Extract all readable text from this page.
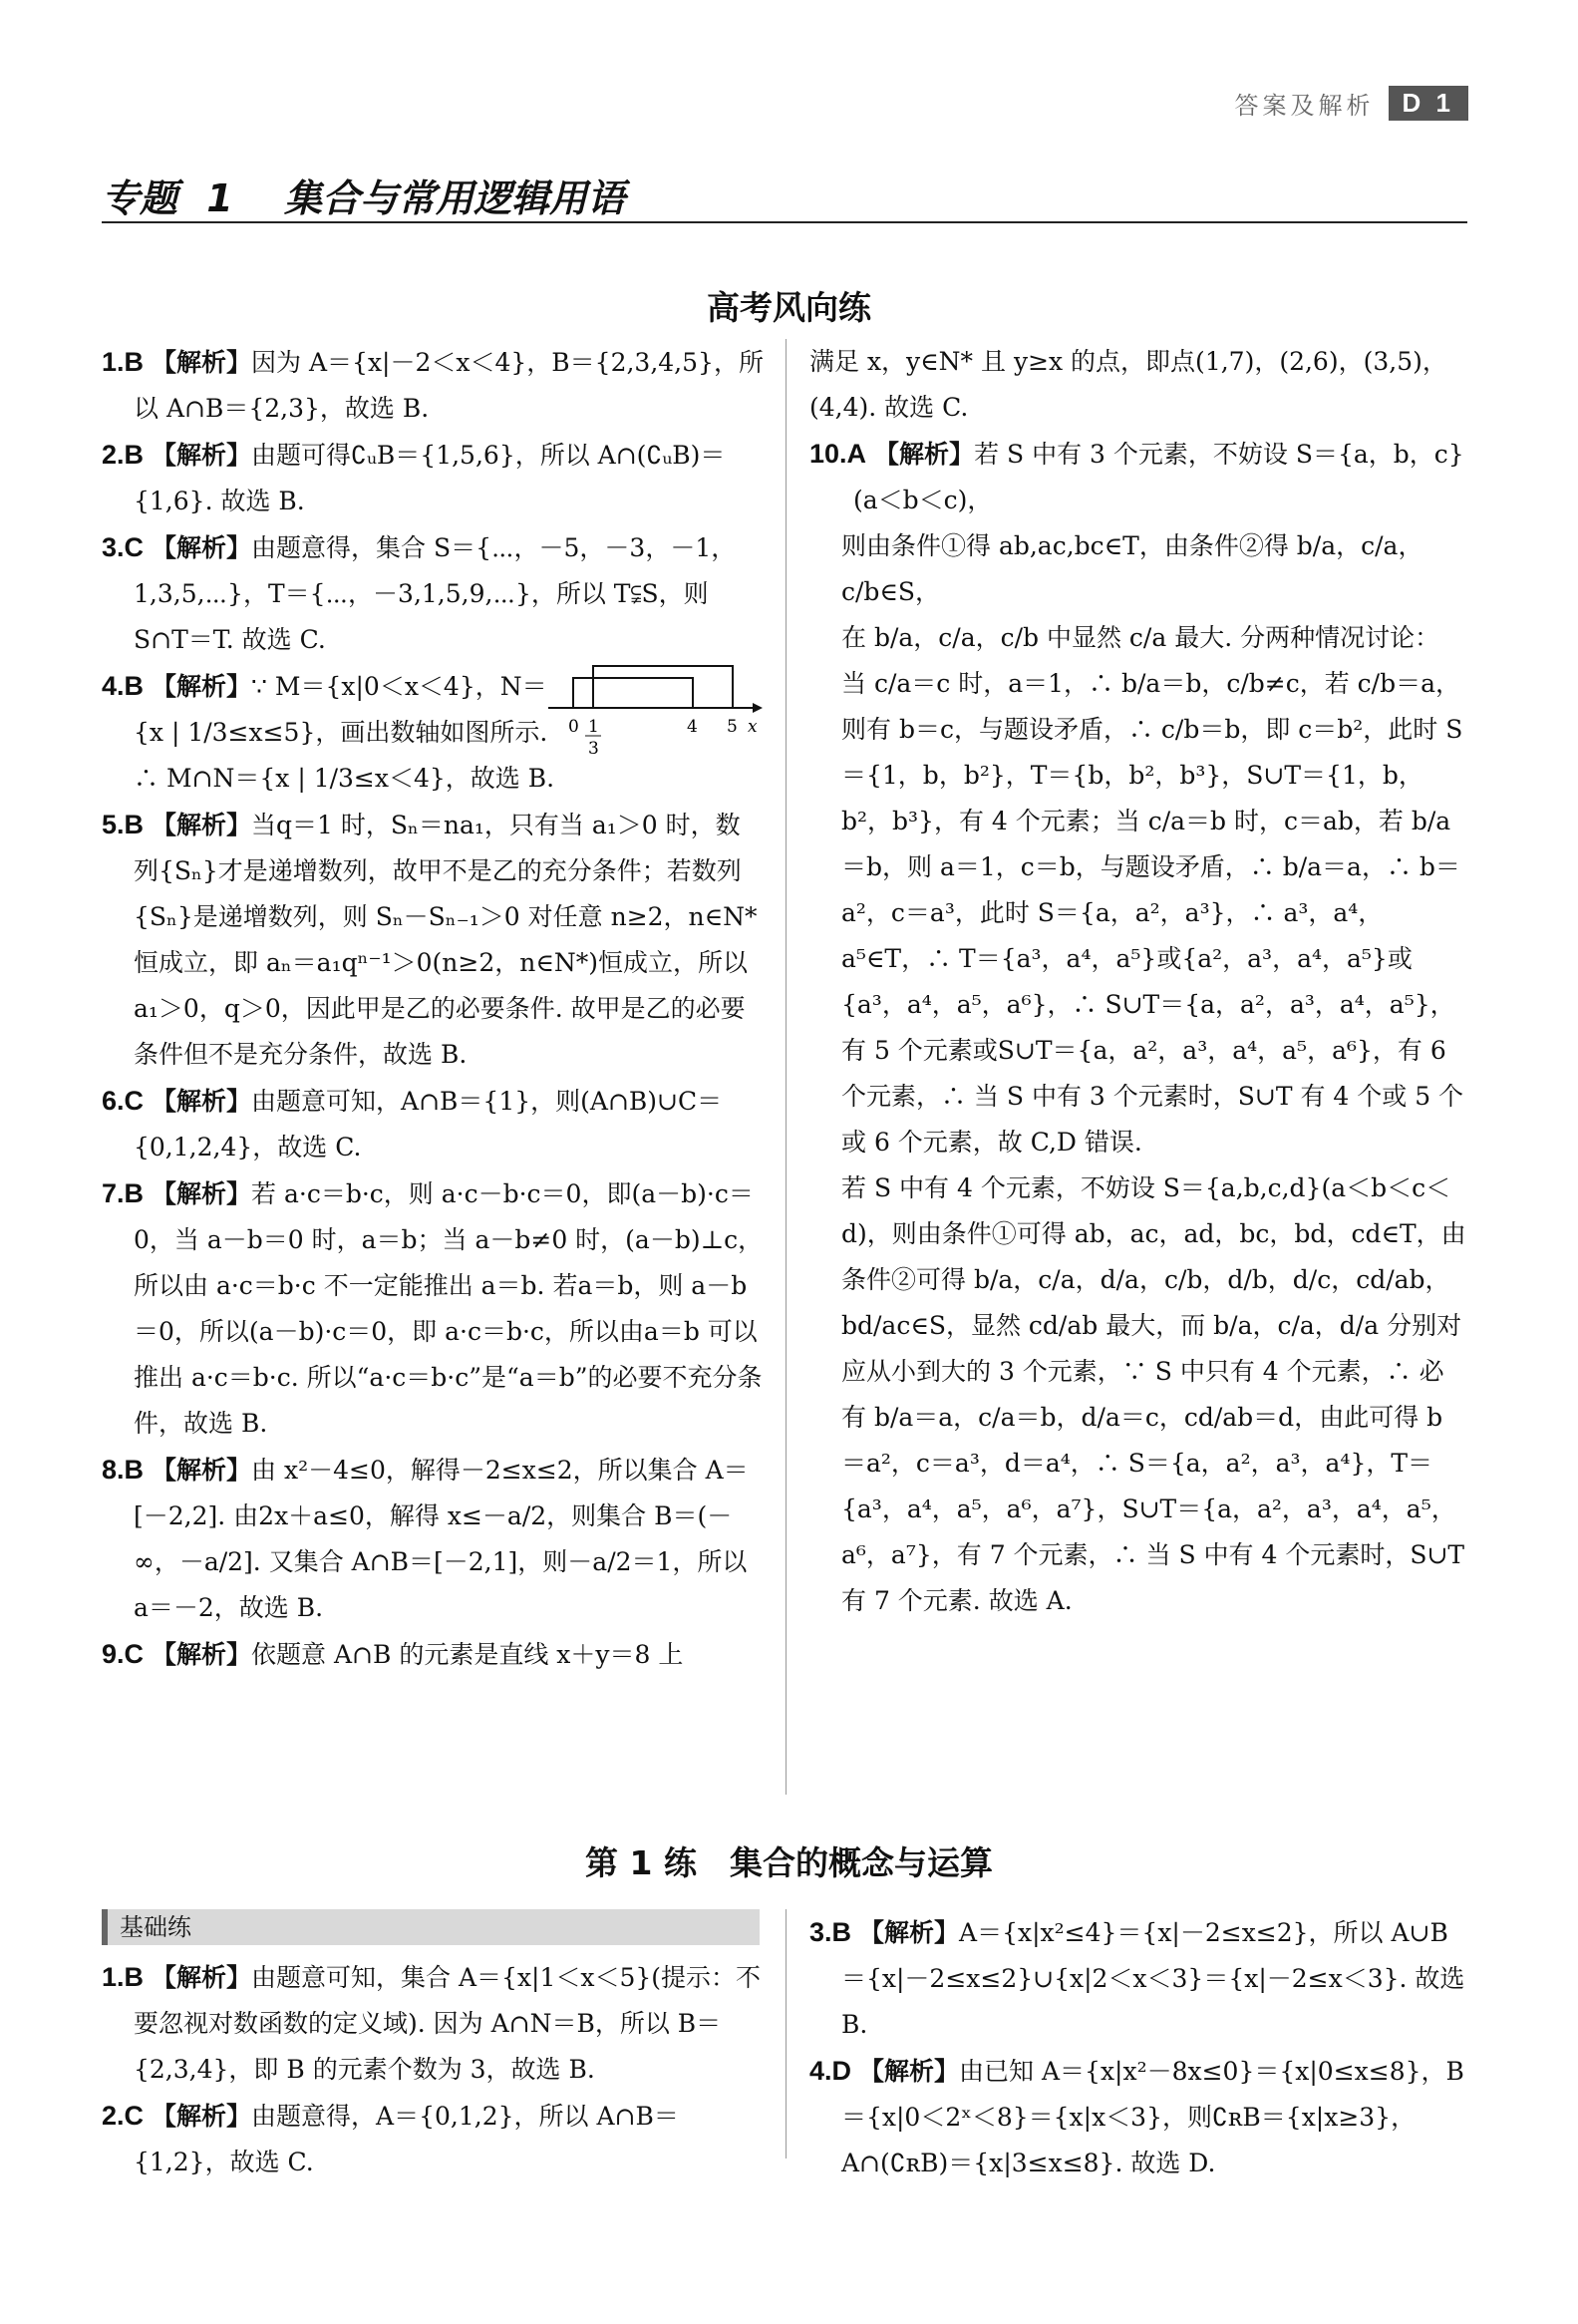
答案及解析	D 1
专题 1 集合与常用逻辑用语
高考风向练

1.B 【解析】因为 A＝{x|－2＜x＜4}，B＝{2,3,4,5}，所以 A∩B＝{2,3}，故选 B.

2.B 【解析】由题可得∁ᵤB＝{1,5,6}，所以 A∩(∁ᵤB)＝{1,6}. 故选 B.

3.C 【解析】由题意得，集合 S＝{⋯，－5，－3，－1，1,3,5,⋯}，T＝{⋯，－3,1,5,9,⋯}，所以 T⫋S，则 S∩T＝T. 故选 C.

4.B 【解析】∵ M＝{x|0＜x＜4}，N＝{x | 1/3≤x≤5}，画出数轴如图所示. ∴ M∩N＝{x | 1/3≤x＜4}，故选 B.

5.B 【解析】当q＝1 时，Sₙ＝na₁，只有当 a₁＞0 时，数列{Sₙ}才是递增数列，故甲不是乙的充分条件；若数列{Sₙ}是递增数列，则 Sₙ－Sₙ₋₁＞0 对任意 n≥2，n∈N* 恒成立，即 aₙ＝a₁qⁿ⁻¹＞0(n≥2，n∈N*)恒成立，所以 a₁＞0，q＞0，因此甲是乙的必要条件. 故甲是乙的必要条件但不是充分条件，故选 B.

6.C 【解析】由题意可知，A∩B＝{1}，则(A∩B)∪C＝{0,1,2,4}，故选 C.

7.B 【解析】若 a·c＝b·c，则 a·c－b·c＝0，即(a－b)·c＝0，当 a－b＝0 时，a＝b；当 a－b≠0 时，(a－b)⊥c，所以由 a·c＝b·c 不一定能推出 a＝b. 若a＝b，则 a－b＝0，所以(a－b)·c＝0，即 a·c＝b·c，所以由a＝b 可以推出 a·c＝b·c. 所以“a·c＝b·c”是“a＝b”的必要不充分条件，故选 B.

8.B 【解析】由 x²－4≤0，解得－2≤x≤2，所以集合 A＝[－2,2]. 由2x＋a≤0，解得 x≤－a/2，则集合 B＝(－∞，－a/2]. 又集合 A∩B＝[－2,1]，则－a/2＝1，所以 a＝－2，故选 B.

9.C 【解析】依题意 A∩B 的元素是直线 x＋y＝8 上

0 1
3
4 5 x

满足 x，y∈N* 且 y≥x 的点，即点(1,7)，(2,6)，(3,5)，(4,4). 故选 C.

10.A 【解析】若 S 中有 3 个元素，不妨设 S＝{a，b，c}(a＜b＜c)，

则由条件①得 ab,ac,bc∈T，由条件②得 b/a，c/a，c/b∈S，

在 b/a，c/a，c/b 中显然 c/a 最大. 分两种情况讨论：

当 c/a＝c 时，a＝1，∴ b/a＝b，c/b≠c，若 c/b＝a，则有 b＝c，与题设矛盾，∴ c/b＝b，即 c＝b²，此时 S＝{1，b，b²}，T＝{b，b²，b³}，S∪T＝{1，b，b²，b³}，有 4 个元素；当 c/a＝b 时，c＝ab，若 b/a＝b，则 a＝1，c＝b，与题设矛盾，∴ b/a＝a，∴ b＝a²，c＝a³，此时 S＝{a，a²，a³}，∴ a³，a⁴，a⁵∈T，∴ T＝{a³，a⁴，a⁵}或{a²，a³，a⁴，a⁵}或{a³，a⁴，a⁵，a⁶}，∴ S∪T＝{a，a²，a³，a⁴，a⁵}，有 5 个元素或S∪T＝{a，a²，a³，a⁴，a⁵，a⁶}，有 6 个元素，∴ 当 S 中有 3 个元素时，S∪T 有 4 个或 5 个或 6 个元素，故 C,D 错误.

若 S 中有 4 个元素，不妨设 S＝{a,b,c,d}(a＜b＜c＜d)，则由条件①可得 ab，ac，ad，bc，bd，cd∈T，由条件②可得 b/a，c/a，d/a，c/b，d/b，d/c，cd/ab，bd/ac∈S，显然 cd/ab 最大，而 b/a，c/a，d/a 分别对应从小到大的 3 个元素，∵ S 中只有 4 个元素，∴ 必有 b/a＝a，c/a＝b，d/a＝c，cd/ab＝d，由此可得 b＝a²，c＝a³，d＝a⁴，∴ S＝{a，a²，a³，a⁴}，T＝{a³，a⁴，a⁵，a⁶，a⁷}，S∪T＝{a，a²，a³，a⁴，a⁵，a⁶，a⁷}，有 7 个元素，∴ 当 S 中有 4 个元素时，S∪T 有 7 个元素. 故选 A.

第 1 练　集合的概念与运算
基础练

1.B 【解析】由题意可知，集合 A＝{x|1＜x＜5}(提示：不要忽视对数函数的定义域). 因为 A∩N＝B，所以 B＝{2,3,4}，即 B 的元素个数为 3，故选 B.

2.C 【解析】由题意得，A＝{0,1,2}，所以 A∩B＝{1,2}，故选 C.

3.B 【解析】A＝{x|x²≤4}＝{x|－2≤x≤2}，所以 A∪B＝{x|－2≤x≤2}∪{x|2＜x＜3}＝{x|－2≤x＜3}. 故选 B.

4.D 【解析】由已知 A＝{x|x²－8x≤0}＝{x|0≤x≤8}，B＝{x|0＜2ˣ＜8}＝{x|x＜3}，则∁ʀB＝{x|x≥3}，A∩(∁ʀB)＝{x|3≤x≤8}. 故选 D.
